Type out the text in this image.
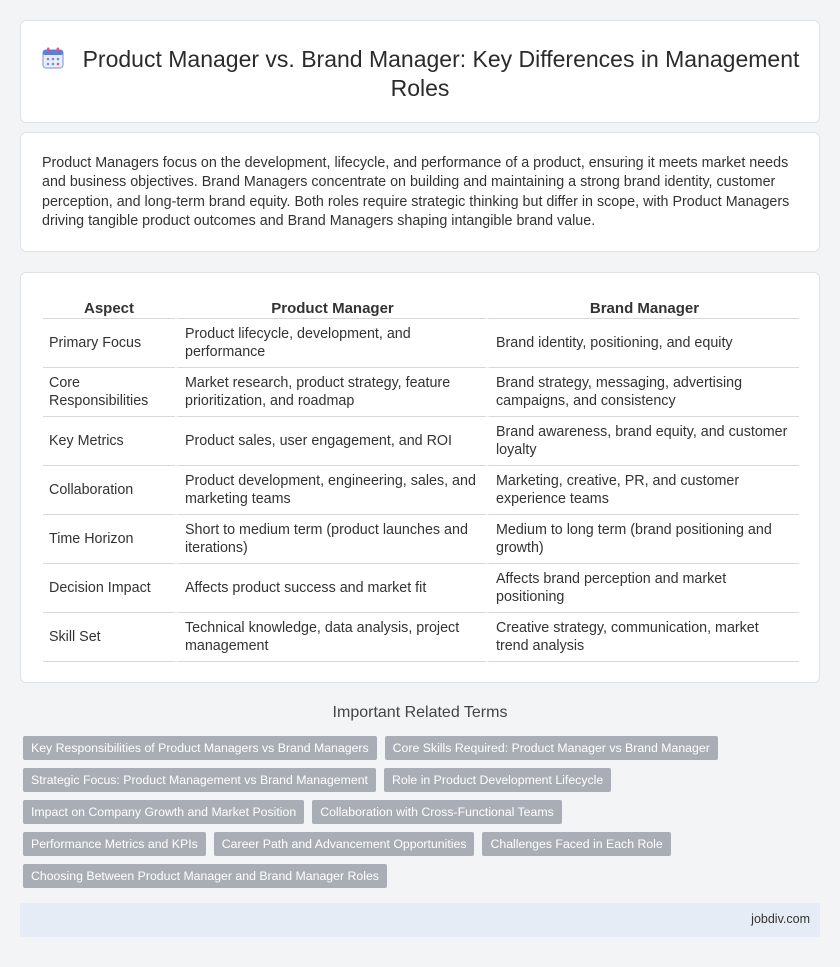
Product Manager vs. Brand Manager: Key Differences in Management Roles

Product Managers focus on the development, lifecycle, and performance of a product, ensuring it meets market needs and business objectives. Brand Managers concentrate on building and maintaining a strong brand identity, customer perception, and long-term brand equity. Both roles require strategic thinking but differ in scope, with Product Managers driving tangible product outcomes and Brand Managers shaping intangible brand value.

Aspect	Product Manager	Brand Manager
Primary Focus	Product lifecycle, development, and performance	Brand identity, positioning, and equity
Core Responsibilities	Market research, product strategy, feature prioritization, and roadmap	Brand strategy, messaging, advertising campaigns, and consistency
Key Metrics	Product sales, user engagement, and ROI	Brand awareness, brand equity, and customer loyalty
Collaboration	Product development, engineering, sales, and marketing teams	Marketing, creative, PR, and customer experience teams
Time Horizon	Short to medium term (product launches and iterations)	Medium to long term (brand positioning and growth)
Decision Impact	Affects product success and market fit	Affects brand perception and market positioning
Skill Set	Technical knowledge, data analysis, project management	Creative strategy, communication, market trend analysis
Important Related Terms
Key Responsibilities of Product Managers vs Brand Managers	Core Skills Required: Product Manager vs Brand Manager
Strategic Focus: Product Management vs Brand Management	Role in Product Development Lifecycle
Impact on Company Growth and Market Position	Collaboration with Cross-Functional Teams
Performance Metrics and KPIs	Career Path and Advancement Opportunities	Challenges Faced in Each Role
Choosing Between Product Manager and Brand Manager Roles
jobdiv.com
